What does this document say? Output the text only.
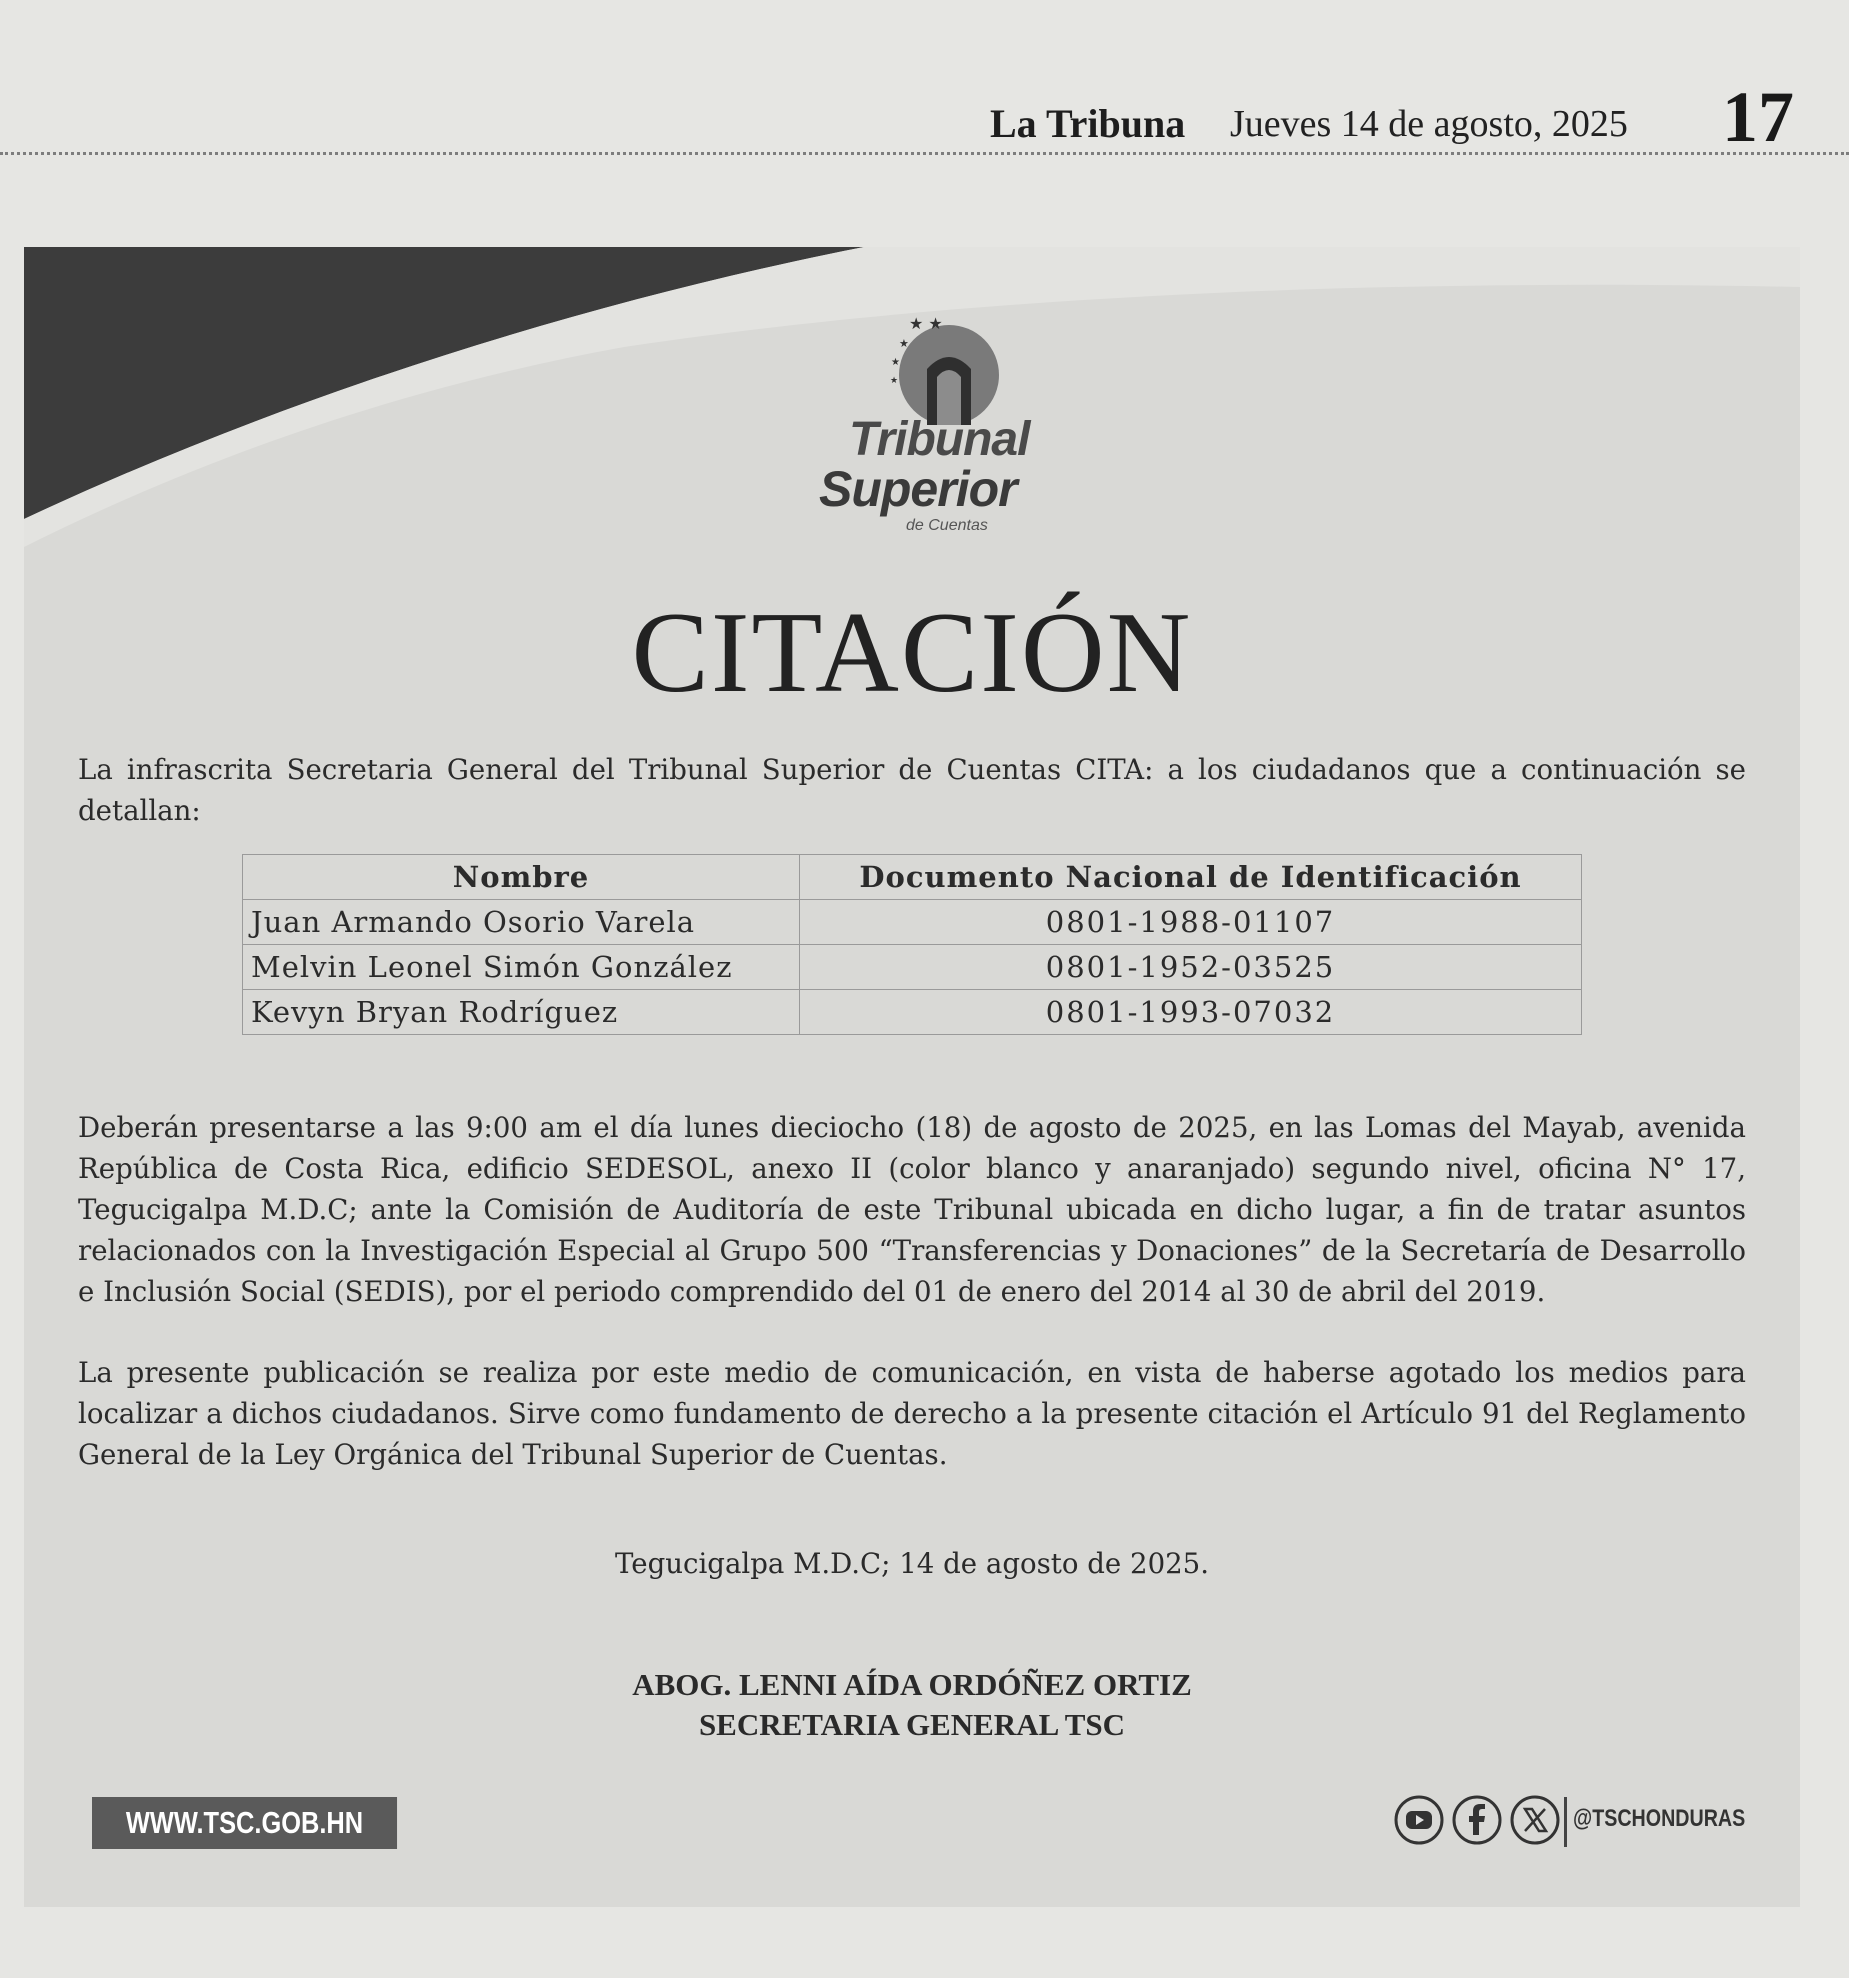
La Tribuna Jueves 14 de agosto, 2025 17
★ ★
★
★
★
Tribunal
Superior
de Cuentas
CITACIÓN

La infrascrita Secretaria General del Tribunal Superior de Cuentas CITA: a los ciudadanos que a continuación se detallan:

Nombre	Documento Nacional de Identificación
Juan Armando Osorio Varela	0801-1988-01107
Melvin Leonel Simón González	0801-1952-03525
Kevyn Bryan Rodríguez	0801-1993-07032

Deberán presentarse a las 9:00 am el día lunes dieciocho (18) de agosto de 2025, en las Lomas del Mayab, avenida República de Costa Rica, edificio SEDESOL, anexo II (color blanco y anaranjado) segundo nivel, oficina N° 17, Tegucigalpa M.D.C; ante la Comisión de Auditoría de este Tribunal ubicada en dicho lugar, a fin de tratar asuntos relacionados con la Investigación Especial al Grupo 500 “Transferencias y Donaciones” de la Secretaría de Desarrollo e Inclusión Social (SEDIS), por el periodo comprendido del 01 de enero del 2014 al 30 de abril del 2019.

La presente publicación se realiza por este medio de comunicación, en vista de haberse agotado los medios para localizar a dichos ciudadanos. Sirve como fundamento de derecho a la presente citación el Artículo 91 del Reglamento General de la Ley Orgánica del Tribunal Superior de Cuentas.

Tegucigalpa M.D.C; 14 de agosto de 2025.
ABOG. LENNI AÍDA ORDÓÑEZ ORTIZ
SECRETARIA GENERAL TSC
WWW.TSC.GOB.HN	@TSCHONDURAS
